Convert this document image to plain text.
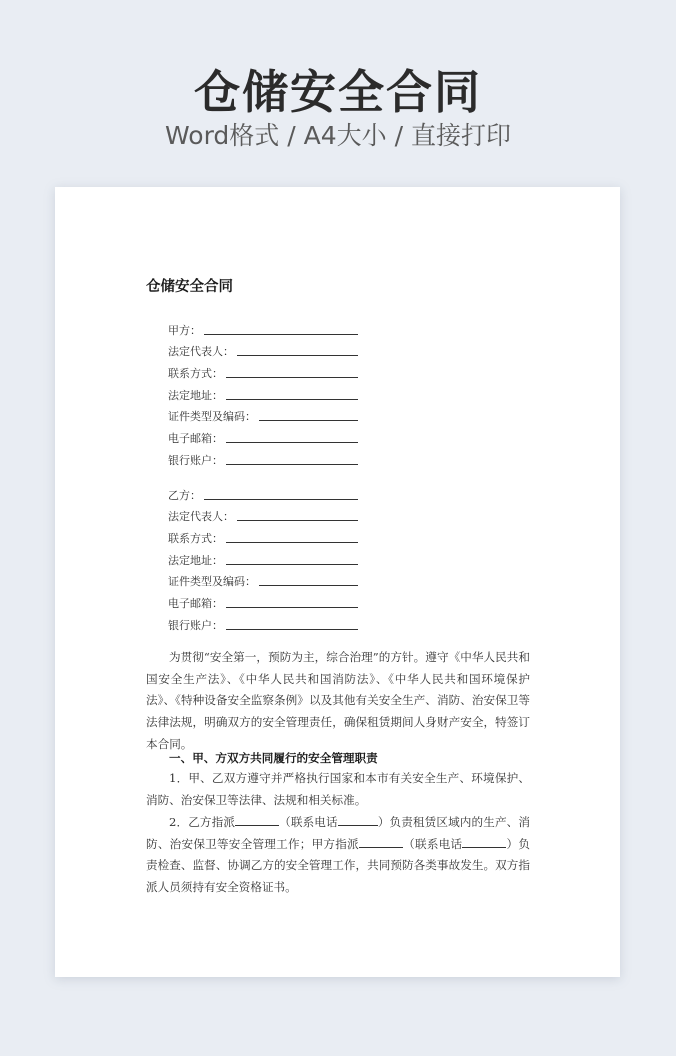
仓储安全合同
Word格式 / A4大小 / 直接打印
仓储安全合同
甲方：
法定代表人：
联系方式：
法定地址：
证件类型及编码：
电子邮箱：
银行账户：
乙方：
法定代表人：
联系方式：
法定地址：
证件类型及编码：
电子邮箱：
银行账户：

为贯彻“安全第一，预防为主，综合治理”的方针。遵守《中华人民共和国安全生产法》、《中华人民共和国消防法》、《中华人民共和国环境保护法》、《特种设备安全监察条例》以及其他有关安全生产、消防、治安保卫等法律法规，明确双方的安全管理责任，确保租赁期间人身财产安全，特签订本合同。

一、甲、方双方共同履行的安全管理职责

1．甲、乙双方遵守并严格执行国家和本市有关安全生产、环境保护、消防、治安保卫等法律、法规和相关标准。

2．乙方指派	（联系电话	）负责租赁区域内的生产、消防、治安保卫等安全管理工作；甲方指派	（联系电话	）负责检查、监督、协调乙方的安全管理工作，共同预防各类事故发生。双方指派人员须持有安全资格证书。
